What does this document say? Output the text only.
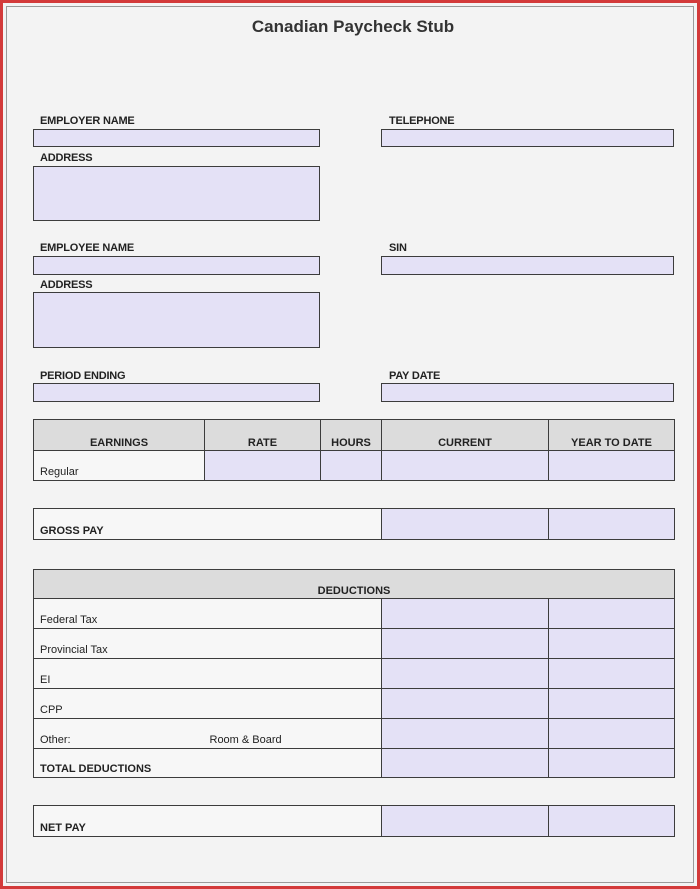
Canadian Paycheck Stub
EMPLOYER NAME	TELEPHONE
ADDRESS
EMPLOYEE NAME	SIN
ADDRESS
PERIOD ENDING	PAY DATE
EARNINGS	RATE	HOURS	CURRENT	YEAR TO DATE
Regular				
GROSS PAY		
DEDUCTIONS			
Federal Tax			
Provincial Tax			
EI			
CPP			
Other:	Room & Board		
TOTAL DEDUCTIONS			
NET PAY		
